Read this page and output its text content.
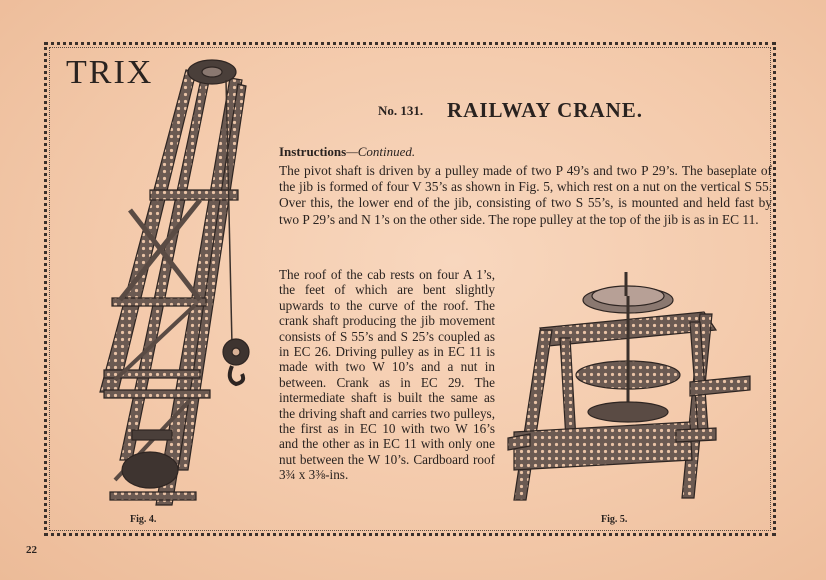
TRIX
No. 131. RAILWAY CRANE.
Instructions—Continued.
The pivot shaft is driven by a pulley made of two P 49’s and two P 29’s. The baseplate of the jib is formed of four V 35’s as shown in Fig. 5, which rest on a nut on the vertical S 55. Over this, the lower end of the jib, consisting of two S 55’s, is mounted and held fast by two P 29’s and N 1’s on the other side. The rope pulley at the top of the jib is as in EC 11.
The roof of the cab rests on four A 1’s, the feet of which are bent slightly upwards to the curve of the roof. The crank shaft producing the jib movement consists of S 55’s and S 25’s coupled as in EC 26. Driving pulley as in EC 11 is made with two W 10’s and a nut in between. Crank as in EC 29. The intermediate shaft is built the same as the driving shaft and carries two pulleys, the first as in EC 10 with two W 16’s and the other as in EC 11 with only one nut between the W 10’s. Cardboard roof 3¾ x 3⅜-ins.
Fig. 4.	Fig. 5.
22
